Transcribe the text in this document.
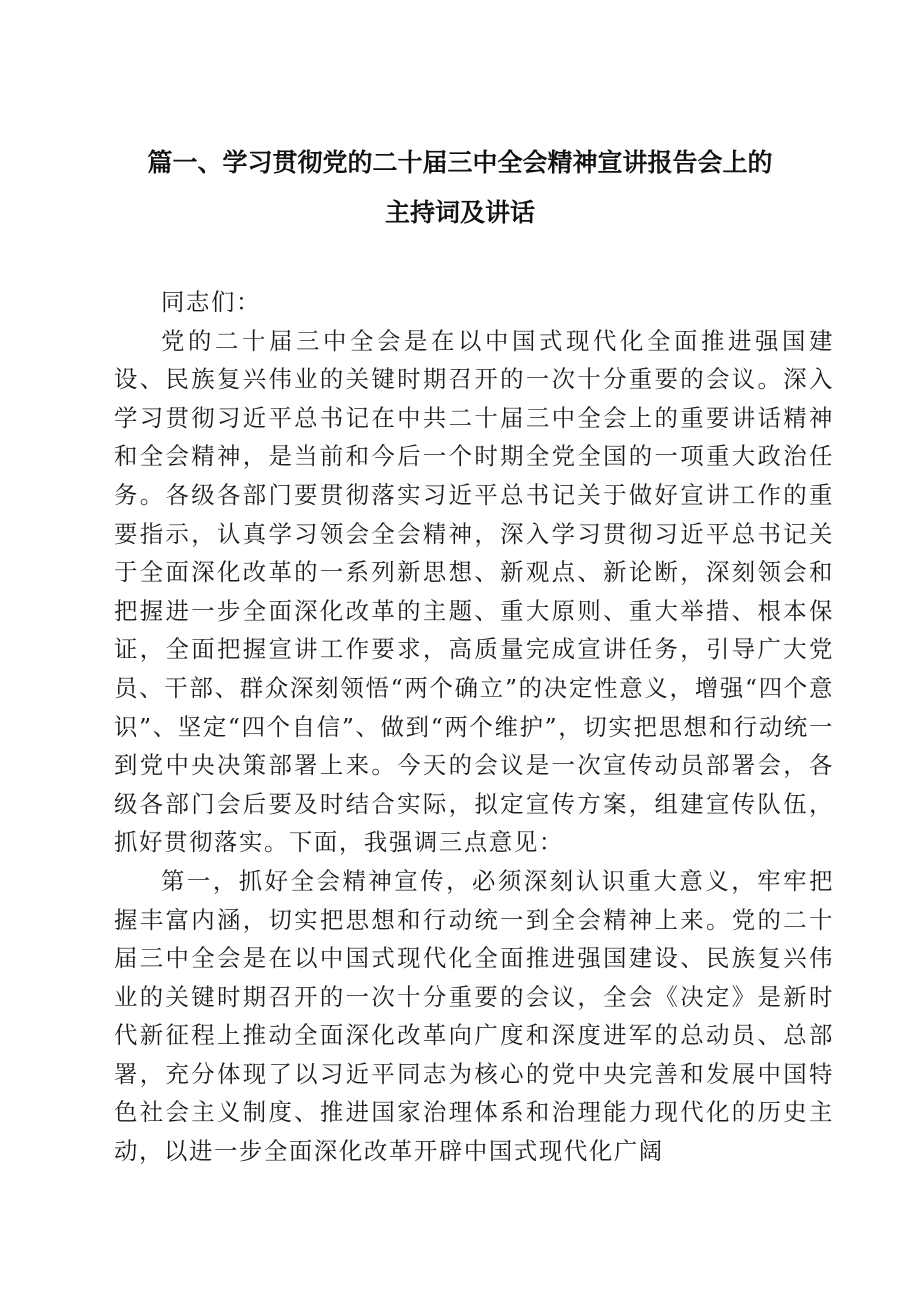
篇一、学习贯彻党的二十届三中全会精神宣讲报告会上的
主持词及讲话

同志们：

党的二十届三中全会是在以中国式现代化全面推进强国建设、民族复兴伟业的关键时期召开的一次十分重要的会议。深入学习贯彻习近平总书记在中共二十届三中全会上的重要讲话精神和全会精神，是当前和今后一个时期全党全国的一项重大政治任务。各级各部门要贯彻落实习近平总书记关于做好宣讲工作的重要指示，认真学习领会全会精神，深入学习贯彻习近平总书记关于全面深化改革的一系列新思想、新观点、新论断，深刻领会和把握进一步全面深化改革的主题、重大原则、重大举措、根本保证，全面把握宣讲工作要求，高质量完成宣讲任务，引导广大党员、干部、群众深刻领悟“两个确立”的决定性意义，增强“四个意识”、坚定“四个自信”、做到“两个维护”，切实把思想和行动统一到党中央决策部署上来。今天的会议是一次宣传动员部署会，各级各部门会后要及时结合实际，拟定宣传方案，组建宣传队伍，抓好贯彻落实。下面，我强调三点意见：

第一，抓好全会精神宣传，必须深刻认识重大意义，牢牢把握丰富内涵，切实把思想和行动统一到全会精神上来。党的二十届三中全会是在以中国式现代化全面推进强国建设、民族复兴伟业的关键时期召开的一次十分重要的会议，全会《决定》是新时代新征程上推动全面深化改革向广度和深度进军的总动员、总部署，充分体现了以习近平同志为核心的党中央完善和发展中国特色社会主义制度、推进国家治理体系和治理能力现代化的历史主动，以进一步全面深化改革开辟中国式现代化广阔
